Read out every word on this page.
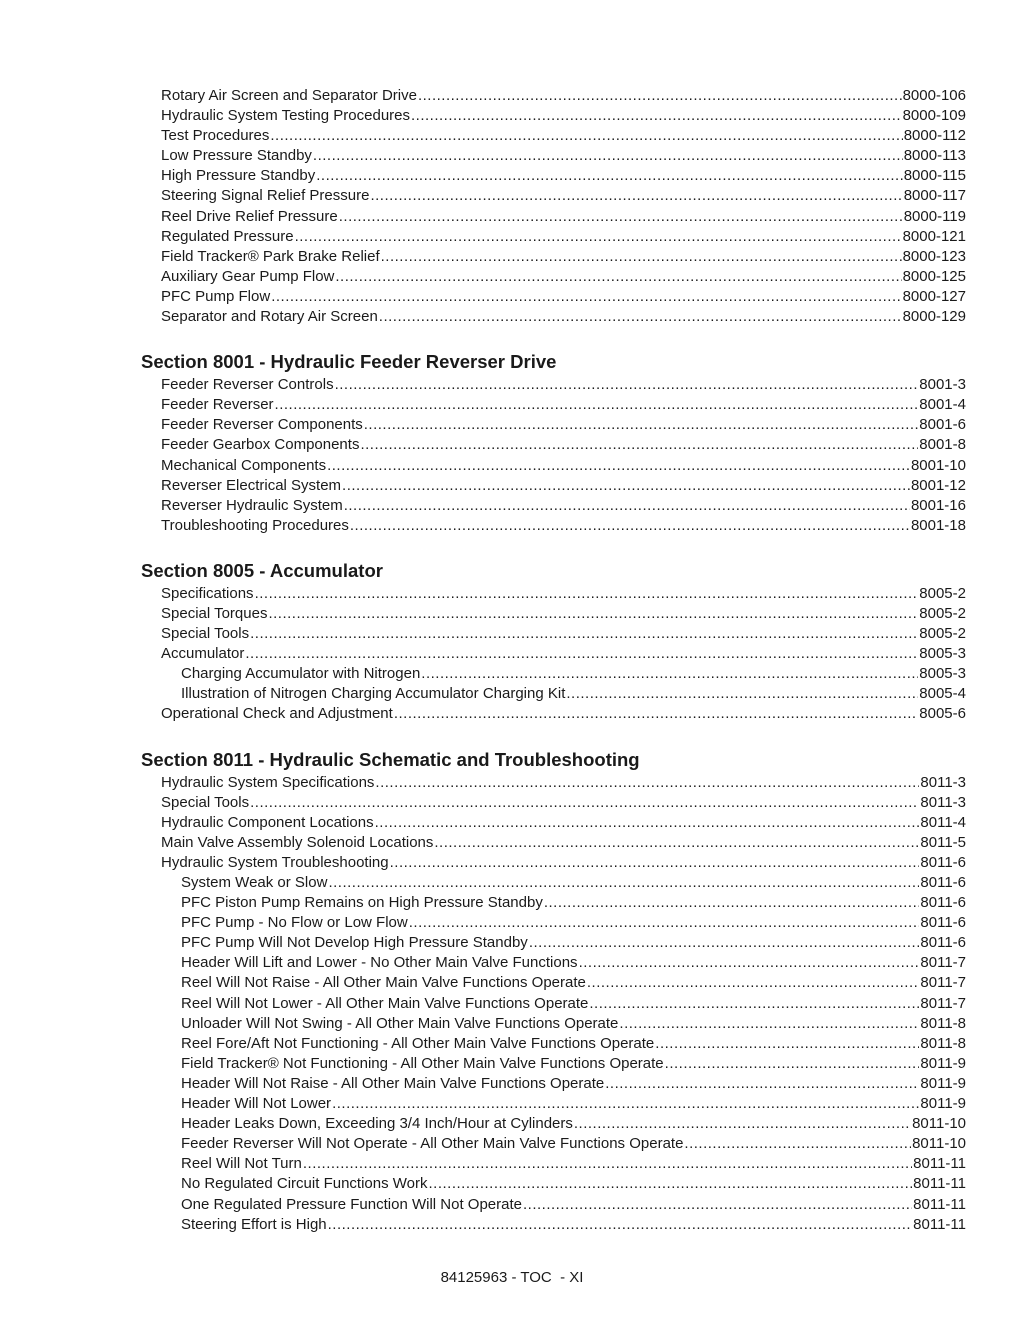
Rotary Air Screen and Separator Drive .....	8000-106
Hydraulic System Testing Procedures .....	8000-109
Test Procedures .....	8000-112
Low Pressure Standby .....	8000-113
High Pressure Standby .....	8000-115
Steering Signal Relief Pressure .....	8000-117
Reel Drive Relief Pressure .....	8000-119
Regulated Pressure .....	8000-121
Field Tracker® Park Brake Relief .....	8000-123
Auxiliary Gear Pump Flow .....	8000-125
PFC Pump Flow .....	8000-127
Separator and Rotary Air Screen .....	8000-129
Section 8001 - Hydraulic Feeder Reverser Drive
Feeder Reverser Controls .....	8001-3
Feeder Reverser .....	8001-4
Feeder Reverser Components .....	8001-6
Feeder Gearbox Components .....	8001-8
Mechanical Components .....	8001-10
Reverser Electrical System .....	8001-12
Reverser Hydraulic System .....	8001-16
Troubleshooting Procedures .....	8001-18
Section 8005 - Accumulator
Specifications .....	8005-2
Special Torques .....	8005-2
Special Tools .....	8005-2
Accumulator .....	8005-3
Charging Accumulator with Nitrogen .....	8005-3
Illustration of Nitrogen Charging Accumulator Charging Kit .....	8005-4
Operational Check and Adjustment .....	8005-6
Section 8011 - Hydraulic Schematic and Troubleshooting
Hydraulic System Specifications .....	8011-3
Special Tools .....	8011-3
Hydraulic Component Locations .....	8011-4
Main Valve Assembly Solenoid Locations .....	8011-5
Hydraulic System Troubleshooting .....	8011-6
System Weak or Slow .....	8011-6
PFC Piston Pump Remains on High Pressure Standby .....	8011-6
PFC Pump - No Flow or Low Flow .....	8011-6
PFC Pump Will Not Develop High Pressure Standby .....	8011-6
Header Will Lift and Lower - No Other Main Valve Functions .....	8011-7
Reel Will Not Raise - All Other Main Valve Functions Operate .....	8011-7
Reel Will Not Lower - All Other Main Valve Functions Operate .....	8011-7
Unloader Will Not Swing - All Other Main Valve Functions Operate .....	8011-8
Reel Fore/Aft Not Functioning - All Other Main Valve Functions Operate .....	8011-8
Field Tracker® Not Functioning - All Other Main Valve Functions Operate .....	8011-9
Header Will Not Raise - All Other Main Valve Functions Operate .....	8011-9
Header Will Not Lower .....	8011-9
Header Leaks Down, Exceeding 3/4 Inch/Hour at Cylinders .....	8011-10
Feeder Reverser Will Not Operate - All Other Main Valve Functions Operate .....	8011-10
Reel Will Not Turn .....	8011-11
No Regulated Circuit Functions Work .....	8011-11
One Regulated Pressure Function Will Not Operate .....	8011-11
Steering Effort is High .....	8011-11
84125963 - TOC  - XI
